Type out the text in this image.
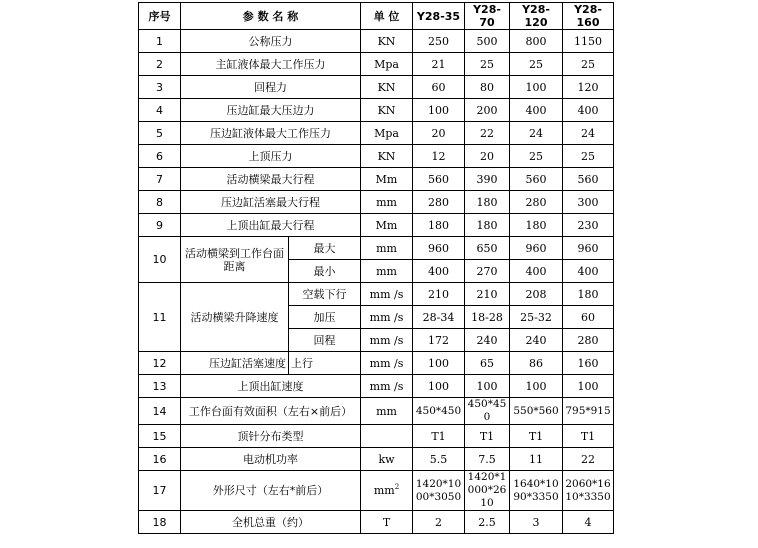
序号	参 数 名 称		单 位	Y28-35	Y28-70	Y28-120	Y28-160
1	公称压力		KN	250	500	800	1150
2	主缸液体最大工作压力		Mpa	21	25	25	25
3	回程力		KN	60	80	100	120
4	压边缸最大压边力		KN	100	200	400	400
5	压边缸液体最大工作压力		Mpa	20	22	24	24
6	上顶压力		KN	12	20	25	25
7	活动横梁最大行程		Mm	560	390	560	560
8	压边缸活塞最大行程		mm	280	180	280	300
9	上顶出缸最大行程		Mm	180	180	180	230
10	活动横梁到工作台面距离	最大	mm	960	650	960	960
		最小	mm	400	270	400	400
11	活动横梁升降速度	空载下行	mm /s	210	210	208	180
		加压	mm /s	28-34	18-28	25-32	60
		回程	mm /s	172	240	240	280
12	压边缸活塞速度	上行	mm /s	100	65	86	160
13	上顶出缸速度		mm /s	100	100	100	100
14	工作台面有效面积（左右×前后）		mm	450*450	450*450	550*560	795*915
15	顶针分布类型			T1	T1	T1	T1
16	电动机功率		kw	5.5	7.5	11	22
17	外形尺寸（左右*前后）		$mm^2$	1420*1000*3050	1420*1000*2610	1640*1090*3350	2060*1610*3350
18	全机总重（约）		T	2	2.5	3	4
